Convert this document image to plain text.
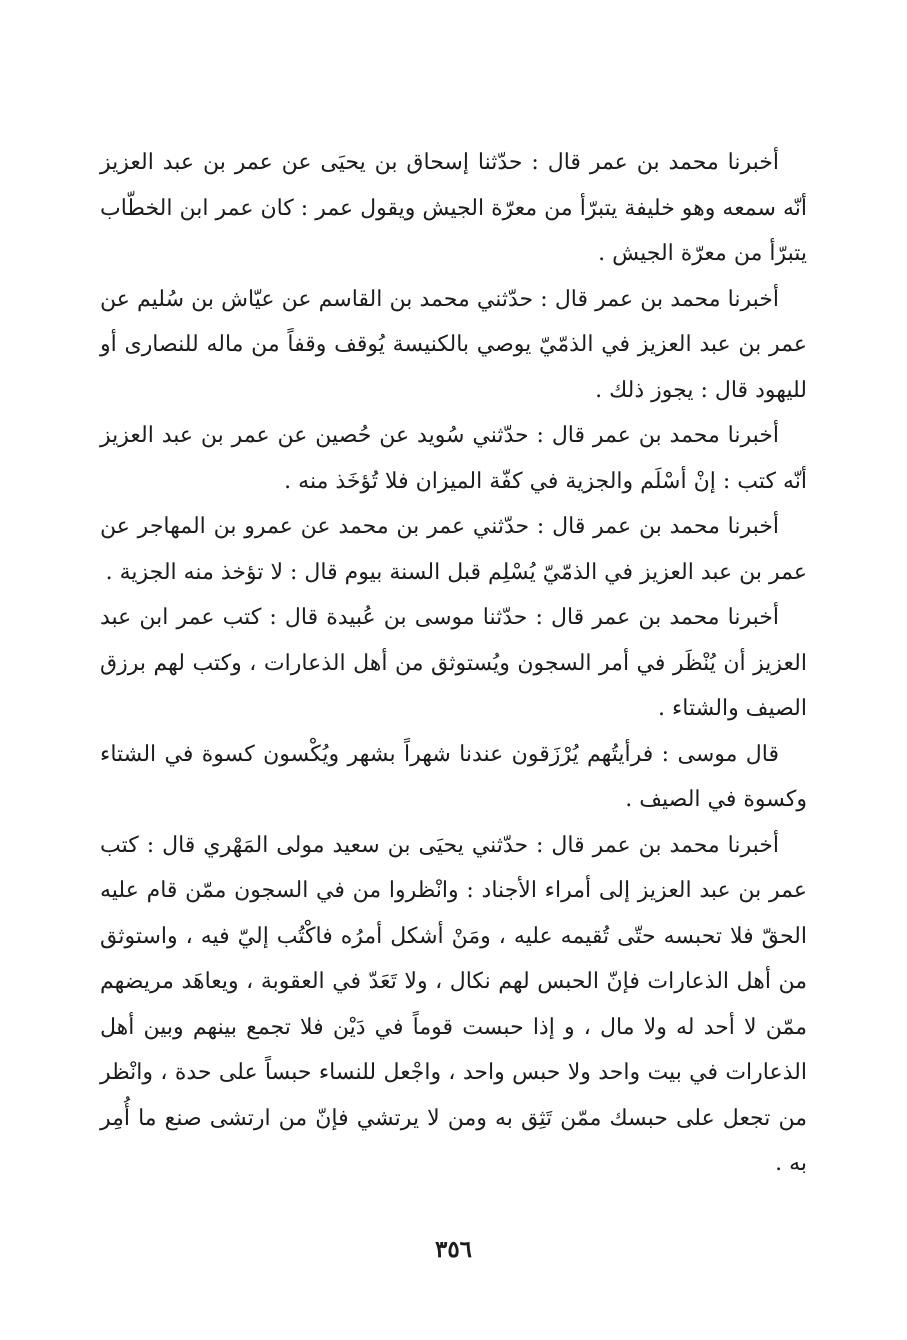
أخبرنا محمد بن عمر قال : حدّثنا إسحاق بن يحيَى عن عمر بن عبد العزيز أنّه سمعه وهو خليفة يتبرّأ من معرّة الجيش ويقول عمر : كان عمر ابن الخطّاب يتبرّأ من معرّة الجيش .

أخبرنا محمد بن عمر قال : حدّثني محمد بن القاسم عن عيّاش بن سُليم عن عمر بن عبد العزيز في الذمّيّ يوصي بالكنيسة يُوقف وقفاً من ماله للنصارى أو لليهود قال : يجوز ذلك .

أخبرنا محمد بن عمر قال : حدّثني سُويد عن حُصين عن عمر بن عبد العزيز أنّه كتب : إنْ أسْلَم والجزية في كفّة الميزان فلا تُؤخَذ منه .

أخبرنا محمد بن عمر قال : حدّثني عمر بن محمد عن عمرو بن المهاجر عن عمر بن عبد العزيز في الذمّيّ يُسْلِم قبل السنة بيوم قال : لا تؤخذ منه الجزية .

أخبرنا محمد بن عمر قال : حدّثنا موسى بن عُبيدة قال : كتب عمر ابن عبد العزيز أن يُنْظَر في أمر السجون ويُستوثق من أهل الذعارات ، وكتب لهم برزق الصيف والشتاء .

قال موسى : فرأيتُهم يُرْزَقون عندنا شهراً بشهر ويُكْسون كسوة في الشتاء وكسوة في الصيف .

أخبرنا محمد بن عمر قال : حدّثني يحيَى بن سعيد مولى المَهْري قال : كتب عمر بن عبد العزيز إلى أمراء الأجناد : وانْظروا من في السجون ممّن قام عليه الحقّ فلا تحبسه حتّى تُقيمه عليه ، ومَنْ أشكل أمرُه فاكْتُب إليّ فيه ، واستوثق من أهل الذعارات فإنّ الحبس لهم نكال ، ولا تَعَدّ في العقوبة ، ويعاهَد مريضهم ممّن لا أحد له ولا مال ، و إذا حبست قوماً في دَيْن فلا تجمع بينهم وبين أهل الذعارات في بيت واحد ولا حبس واحد ، واجْعل للنساء حبساً على حدة ، وانْظر من تجعل على حبسك ممّن تَثِق به ومن لا يرتشي فإنّ من ارتشى صنع ما أُمِر به .

٣٥٦
